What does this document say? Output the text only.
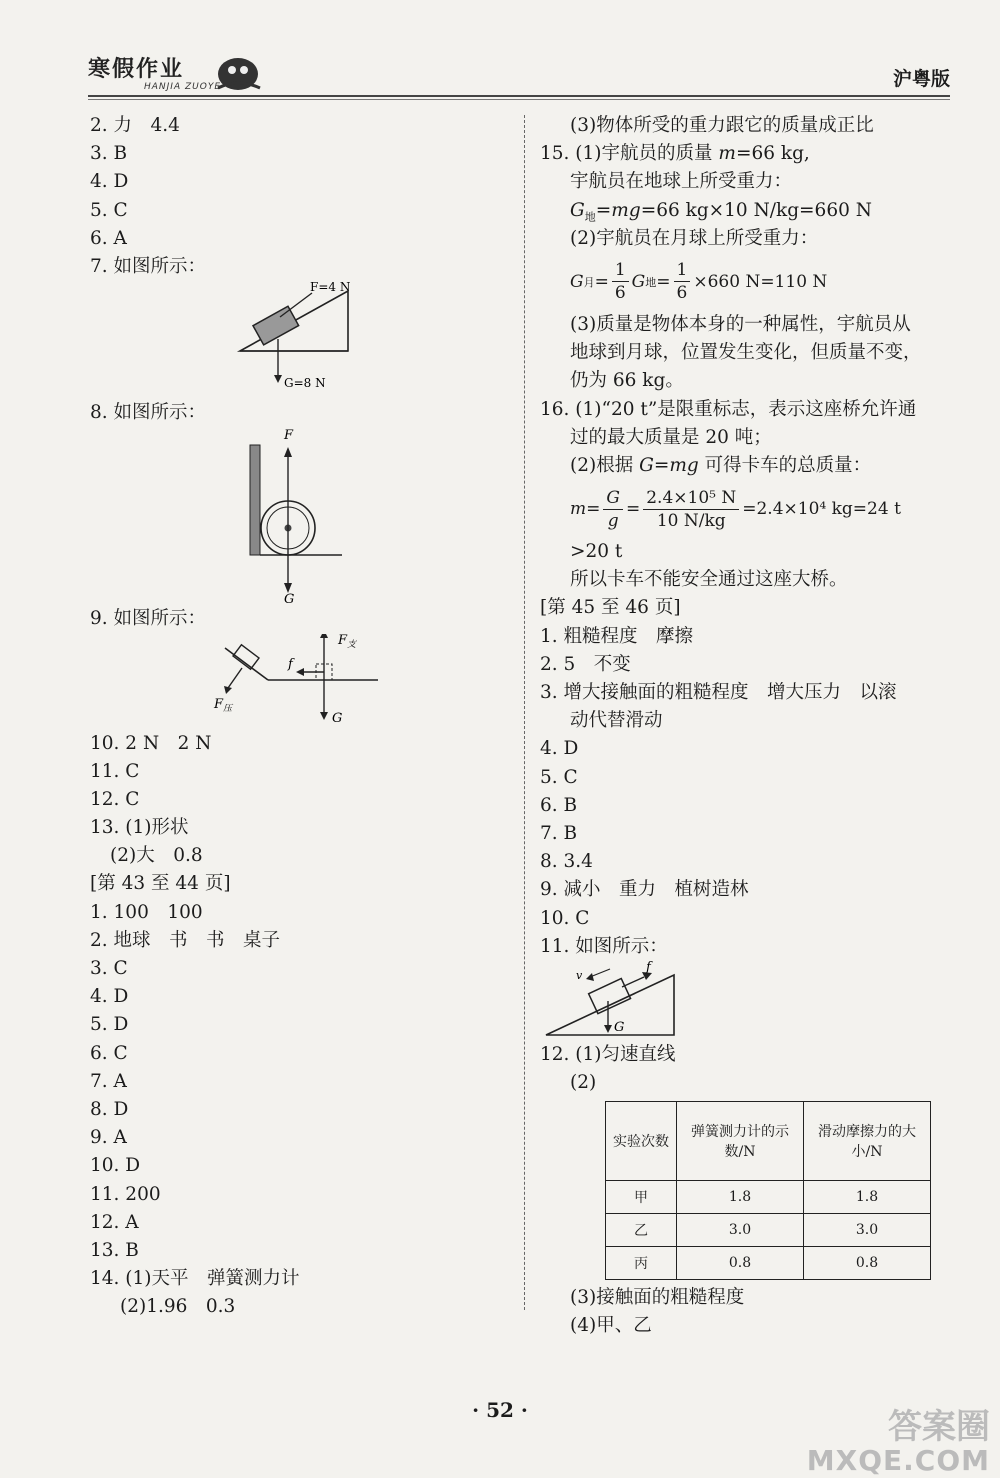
寒假作业
HANJIA ZUOYE	沪粤版
2. 力　4.4
3. B
4. D
5. C
6. A
7. 如图所示：
F=4 N
G=8 N
8. 如图所示：
F
G
9. 如图所示：
$F_支$
f
$F_压$
G
10. 2 N　2 N
11. C
12. C
13. (1)形状
(2)大　0.8
[第 43 至 44 页]
1. 100　100
2. 地球　书　书　桌子
3. C
4. D
5. D
6. C
7. A
8. D
9. A
10. D
11. 200
12. A
13. B
14. (1)天平　弹簧测力计
(2)1.96　0.3
(3)物体所受的重力跟它的质量成正比
15. (1)宇航员的质量 m=66 kg,
宇航员在地球上所受重力：
$G_地=mg=66$ kg×10 N/kg=660 N
(2)宇航员在月球上所受重力：
G 月 = $\frac{1}{6}$ G 地 = $\frac{1}{6} \times 660$ N=110 N
(3)质量是物体本身的一种属性，宇航员从
地球到月球，位置发生变化，但质量不变，
仍为 66 kg。
16. (1)“20 t”是限重标志，表示这座桥允许通
过的最大质量是 20 吨；
(2)根据 G=mg 可得卡车的总质量：
$m = \frac{G}{g} = \frac{\text{2.4×10⁵ N}}{10 N/kg} =2.4\times 10^4$ kg=24 t
>20 t
所以卡车不能安全通过这座大桥。
[第 45 至 46 页]
1. 粗糙程度　摩擦
2. 5　不变
3. 增大接触面的粗糙程度　增大压力　以滚
动代替滑动
4. D
5. C
6. B
7. B
8. 3.4
9. 减小　重力　植树造林
10. C
11. 如图所示：
v
f
G
12. (1)匀速直线
(2)
实验次数	弹簧测力计的示数/N	滑动摩擦力的大小/N
甲	1.8	1.8
乙	3.0	3.0
丙	0.8	0.8
(3)接触面的粗糙程度
(4)甲、乙
· 52 ·	答案圈
MXQE.COM
